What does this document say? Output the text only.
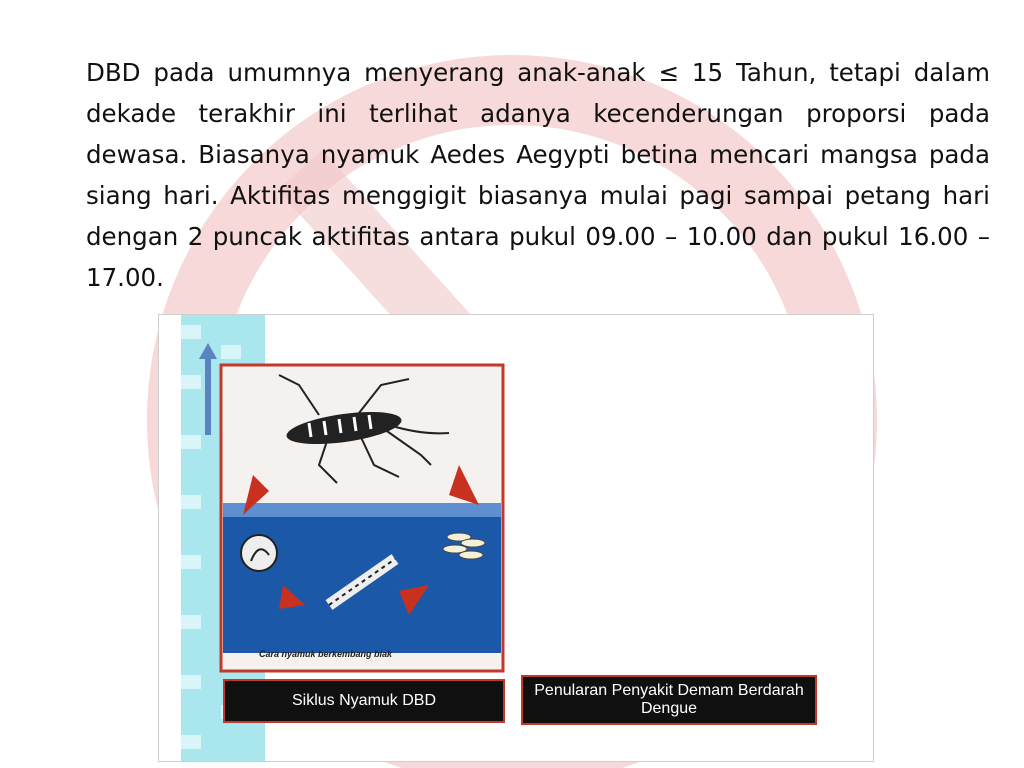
DBD pada umumnya menyerang anak-anak ≤ 15 Tahun, tetapi dalam dekade terakhir ini terlihat adanya kecenderungan proporsi pada dewasa. Biasanya nyamuk Aedes Aegypti betina mencari mangsa pada siang hari. Aktifitas menggigit biasanya mulai pagi sampai petang hari dengan 2 puncak aktifitas antara pukul 09.00 – 10.00 dan pukul 16.00 – 17.00.
Cara nyamuk berkembang biak
Siklus Nyamuk DBD
Penularan Penyakit Demam Berdarah Dengue
